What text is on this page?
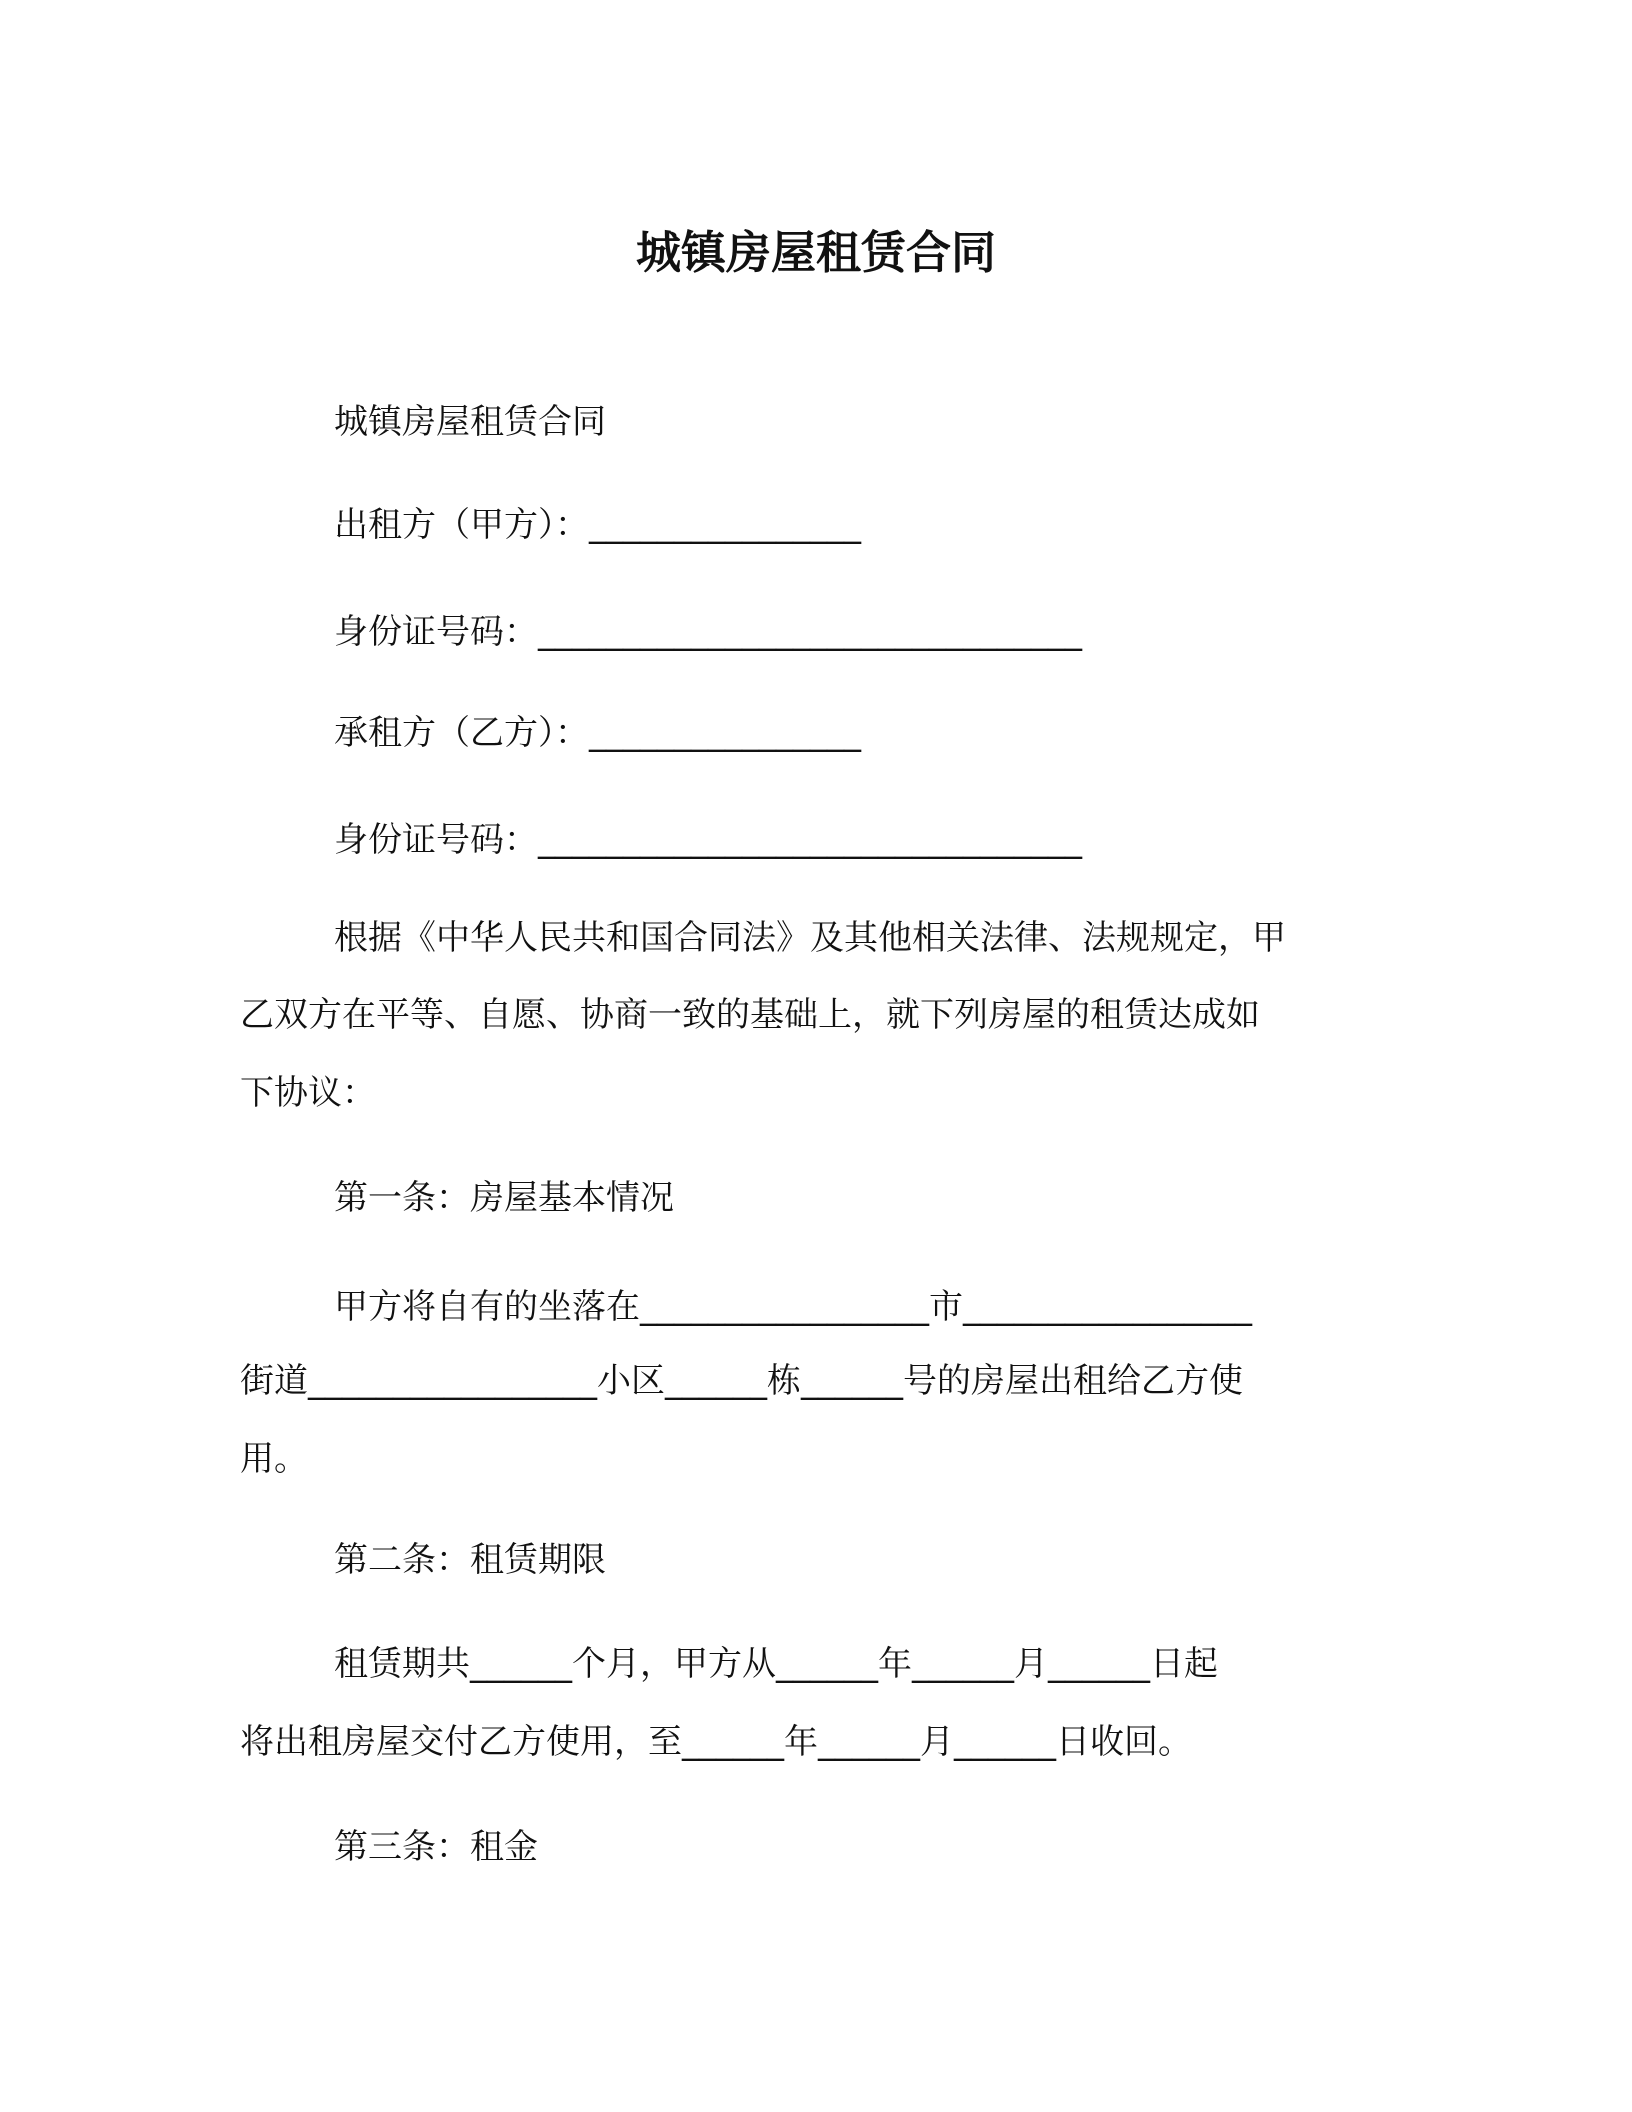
城镇房屋租赁合同

城镇房屋租赁合同

出租方（甲方）：________________

身份证号码：________________________________

承租方（乙方）：________________

身份证号码：________________________________

根据《中华人民共和国合同法》及其他相关法律、法规规定，甲

乙双方在平等、自愿、协商一致的基础上，就下列房屋的租赁达成如

下协议：

第一条：房屋基本情况

甲方将自有的坐落在_________________市_________________

街道_________________小区______栋______号的房屋出租给乙方使

用。

第二条：租赁期限

租赁期共______个月，甲方从______年______月______日起

将出租房屋交付乙方使用，至______年______月______日收回。

第三条：租金
